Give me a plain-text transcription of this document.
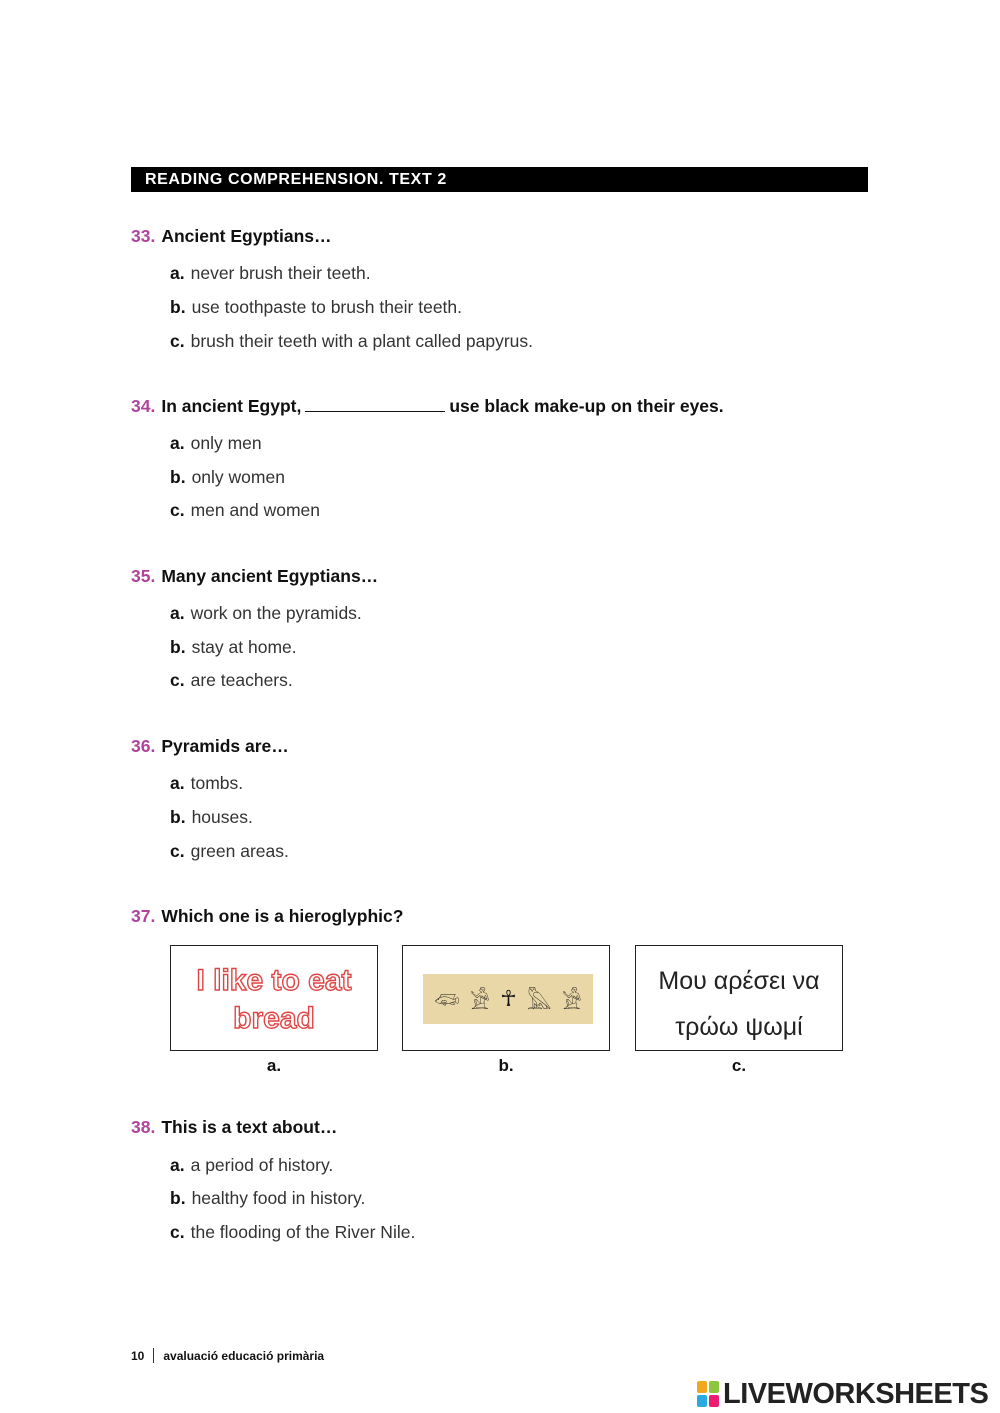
READING COMPREHENSION. TEXT 2
33. Ancient Egyptians…
a. never brush their teeth.
b. use toothpaste to brush their teeth.
c. brush their teeth with a plant called papyrus.
34. In ancient Egypt,	use black make-up on their eyes.
a. only men
b. only women
c. men and women
35. Many ancient Egyptians…
a. work on the pyramids.
b. stay at home.
c. are teachers.
36. Pyramids are…
a. tombs.
b. houses.
c. green areas.
37. Which one is a hieroglyphic?
I like to eat
bread
𓆛 𓀀 ☥ 𓅓 𓀀
Μου αρέσει να
τρώω ψωμί
a.	b.	c.
38. This is a text about…
a. a period of history.
b. healthy food in history.
c. the flooding of the River Nile.
10 avaluació educació primària
LIVEWORKSHEETS
